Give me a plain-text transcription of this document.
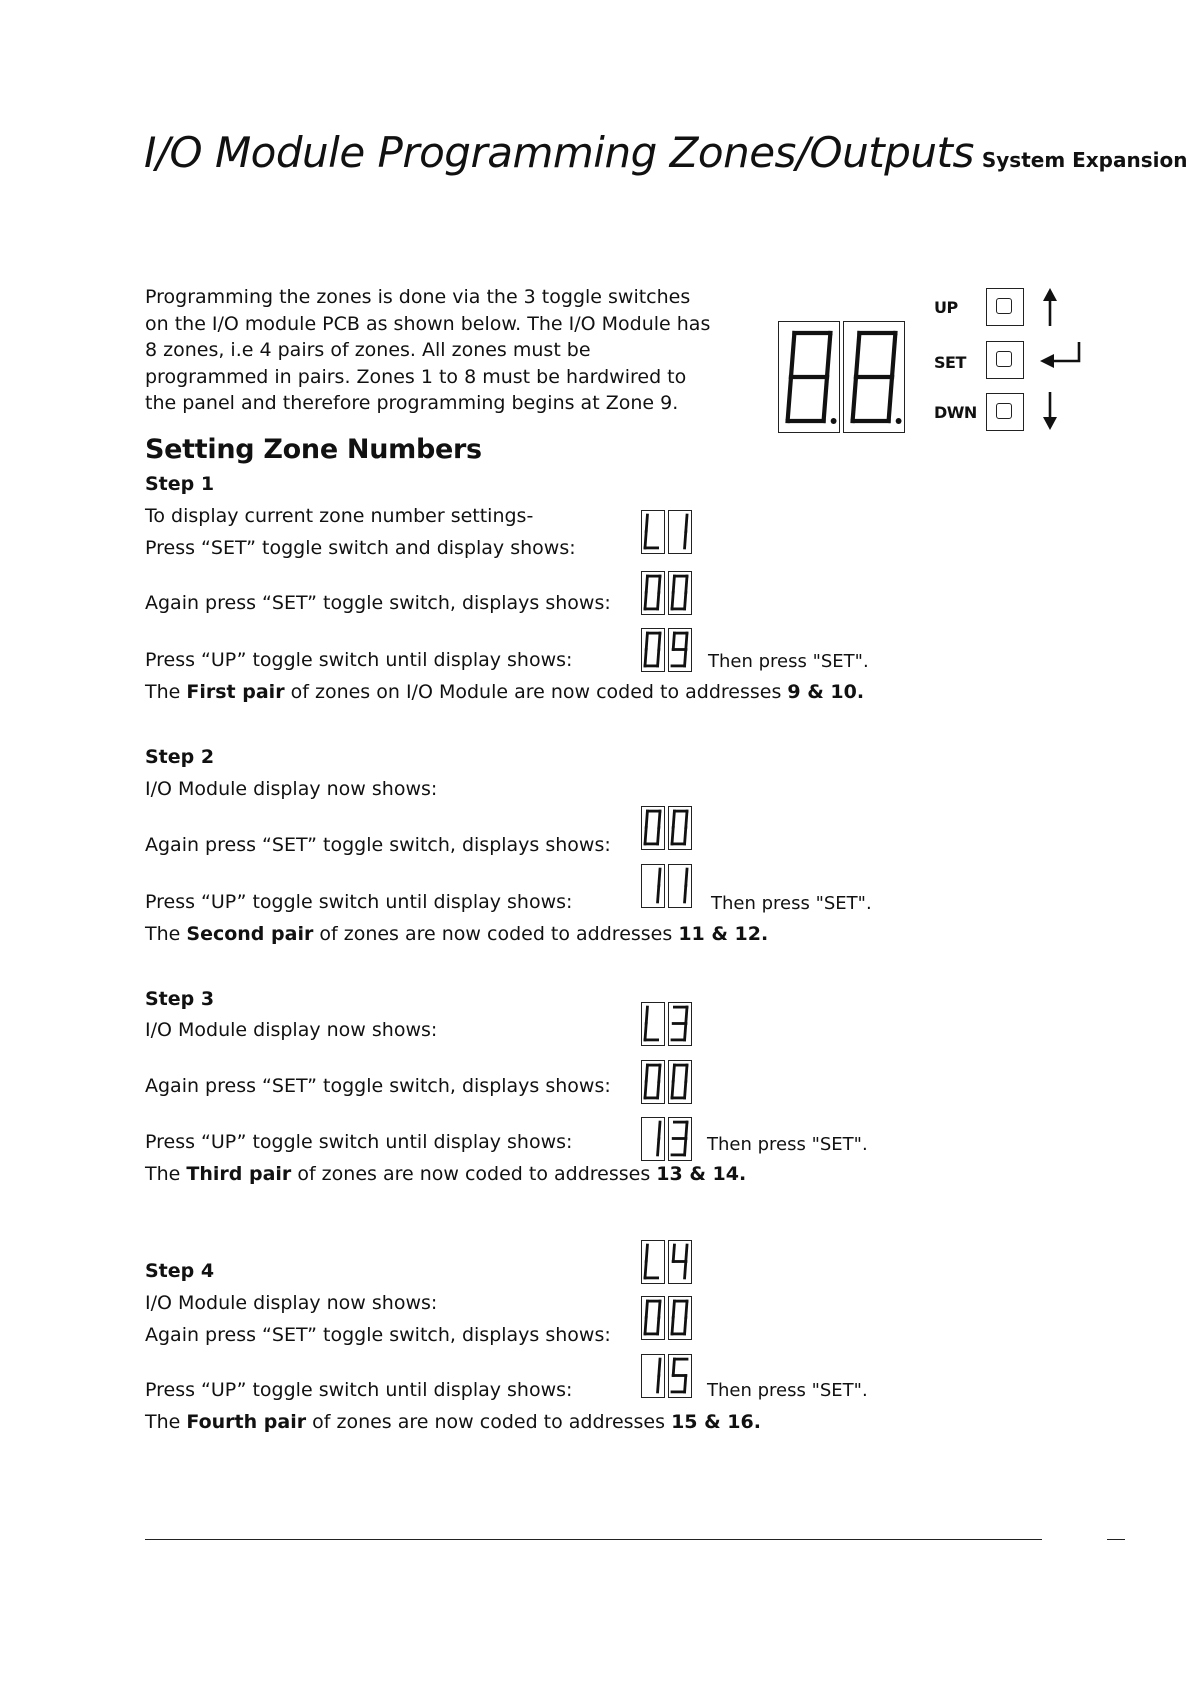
I/O Module Programming Zones/Outputs System Expansion
Programming the zones is done via the 3 toggle switches on the I/O module PCB as shown below. The I/O Module has 8 zones, i.e 4 pairs of zones. All zones must be programmed in pairs. Zones 1 to 8 must be hardwired to the panel and therefore programming begins at Zone 9.
UP
SET
DWN
Setting Zone Numbers
Step 1
To display current zone number settings-
Press “SET” toggle switch and display shows:
Again press “SET” toggle switch, displays shows:
Press “UP” toggle switch until display shows:	Then press "SET".
The First pair of zones on I/O Module are now coded to addresses 9 & 10.
Step 2
I/O Module display now shows:
Again press “SET” toggle switch, displays shows:
Press “UP” toggle switch until display shows:	Then press "SET".
The Second pair of zones are now coded to addresses 11 & 12.
Step 3
I/O Module display now shows:
Again press “SET” toggle switch, displays shows:
Press “UP” toggle switch until display shows:	Then press "SET".
The Third pair of zones are now coded to addresses 13 & 14.
Step 4
I/O Module display now shows:
Again press “SET” toggle switch, displays shows:
Press “UP” toggle switch until display shows:	Then press "SET".
The Fourth pair of zones are now coded to addresses 15 & 16.
